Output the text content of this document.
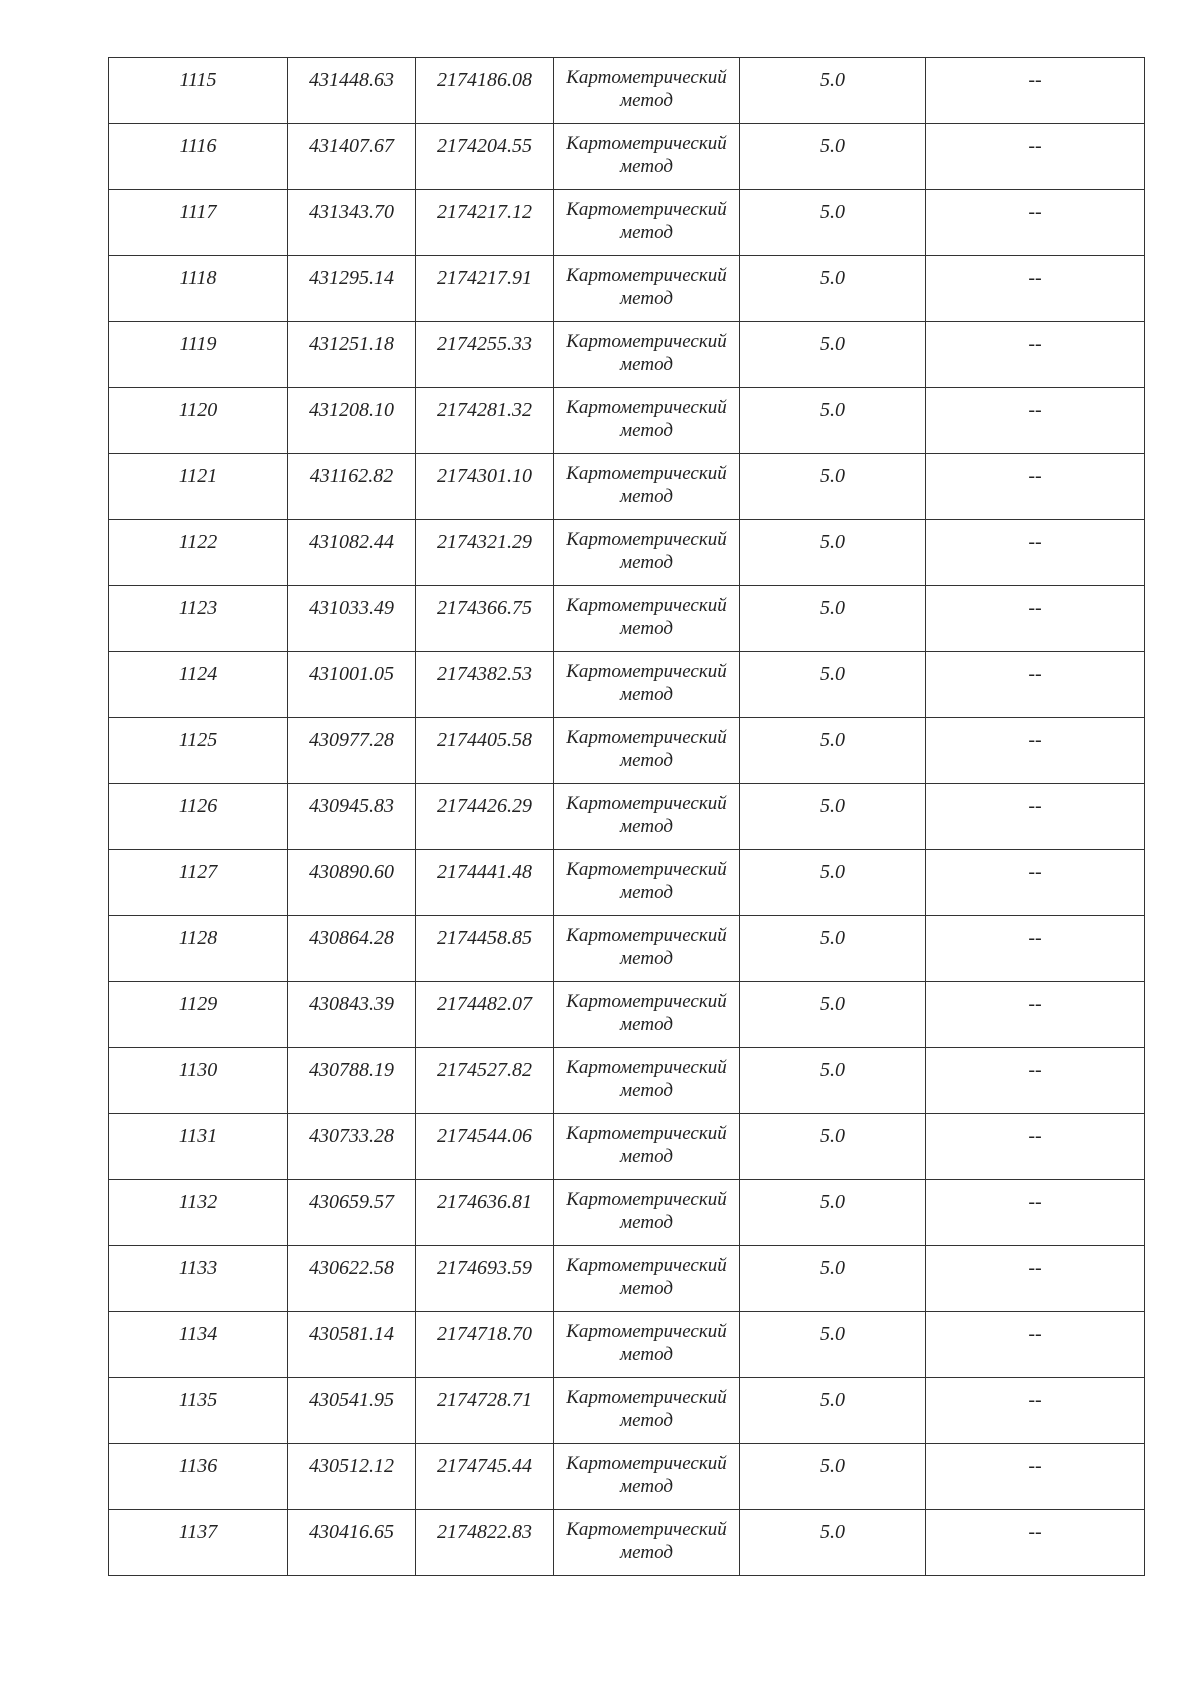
1115	431448.63	2174186.08	Картометрический метод	5.0	--
1116	431407.67	2174204.55	Картометрический метод	5.0	--
1117	431343.70	2174217.12	Картометрический метод	5.0	--
1118	431295.14	2174217.91	Картометрический метод	5.0	--
1119	431251.18	2174255.33	Картометрический метод	5.0	--
1120	431208.10	2174281.32	Картометрический метод	5.0	--
1121	431162.82	2174301.10	Картометрический метод	5.0	--
1122	431082.44	2174321.29	Картометрический метод	5.0	--
1123	431033.49	2174366.75	Картометрический метод	5.0	--
1124	431001.05	2174382.53	Картометрический метод	5.0	--
1125	430977.28	2174405.58	Картометрический метод	5.0	--
1126	430945.83	2174426.29	Картометрический метод	5.0	--
1127	430890.60	2174441.48	Картометрический метод	5.0	--
1128	430864.28	2174458.85	Картометрический метод	5.0	--
1129	430843.39	2174482.07	Картометрический метод	5.0	--
1130	430788.19	2174527.82	Картометрический метод	5.0	--
1131	430733.28	2174544.06	Картометрический метод	5.0	--
1132	430659.57	2174636.81	Картометрический метод	5.0	--
1133	430622.58	2174693.59	Картометрический метод	5.0	--
1134	430581.14	2174718.70	Картометрический метод	5.0	--
1135	430541.95	2174728.71	Картометрический метод	5.0	--
1136	430512.12	2174745.44	Картометрический метод	5.0	--
1137	430416.65	2174822.83	Картометрический метод	5.0	--
